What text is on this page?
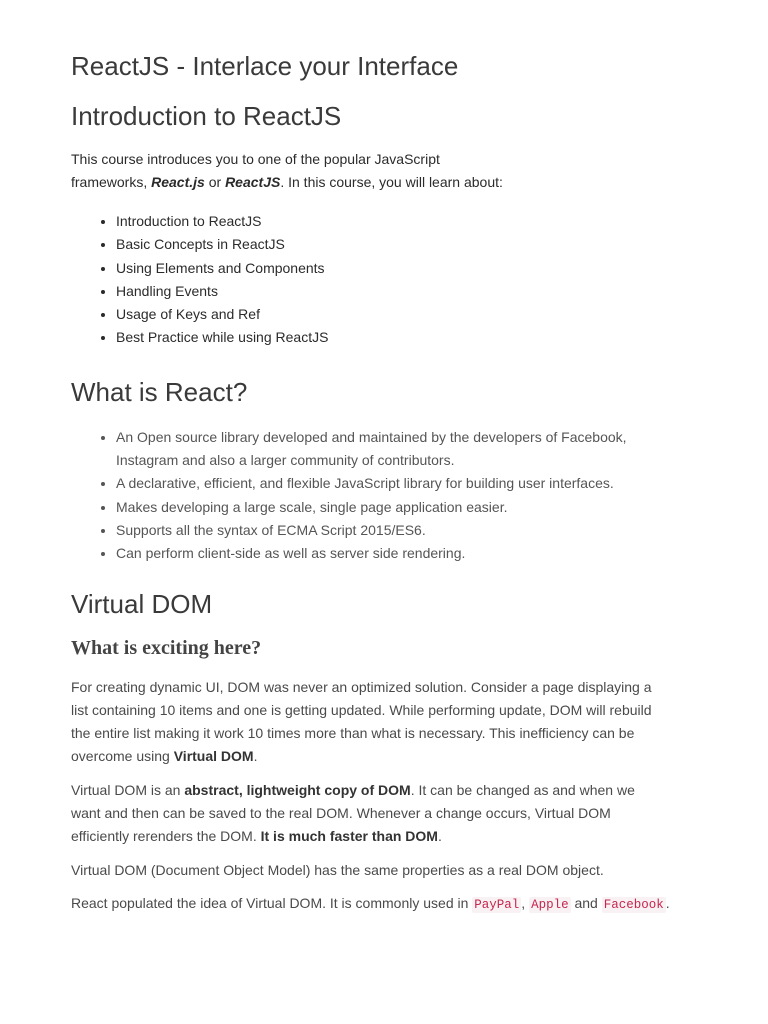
ReactJS - Interlace your Interface
Introduction to ReactJS

This course introduces you to one of the popular JavaScript
frameworks, React.js or ReactJS. In this course, you will learn about:

• Introduction to ReactJS
• Basic Concepts in ReactJS
• Using Elements and Components
• Handling Events
• Usage of Keys and Ref
• Best Practice while using ReactJS
What is React?
• An Open source library developed and maintained by the developers of Facebook,
Instagram and also a larger community of contributors.
• A declarative, efficient, and flexible JavaScript library for building user interfaces.
• Makes developing a large scale, single page application easier.
• Supports all the syntax of ECMA Script 2015/ES6.
• Can perform client-side as well as server side rendering.
Virtual DOM
What is exciting here?

For creating dynamic UI, DOM was never an optimized solution. Consider a page displaying a
list containing 10 items and one is getting updated. While performing update, DOM will rebuild
the entire list making it work 10 times more than what is necessary. This inefficiency can be
overcome using Virtual DOM.

Virtual DOM is an abstract, lightweight copy of DOM. It can be changed as and when we
want and then can be saved to the real DOM. Whenever a change occurs, Virtual DOM
efficiently rerenders the DOM. It is much faster than DOM.

Virtual DOM (Document Object Model) has the same properties as a real DOM object.

React populated the idea of Virtual DOM. It is commonly used in PayPal , Apple and Facebook .
